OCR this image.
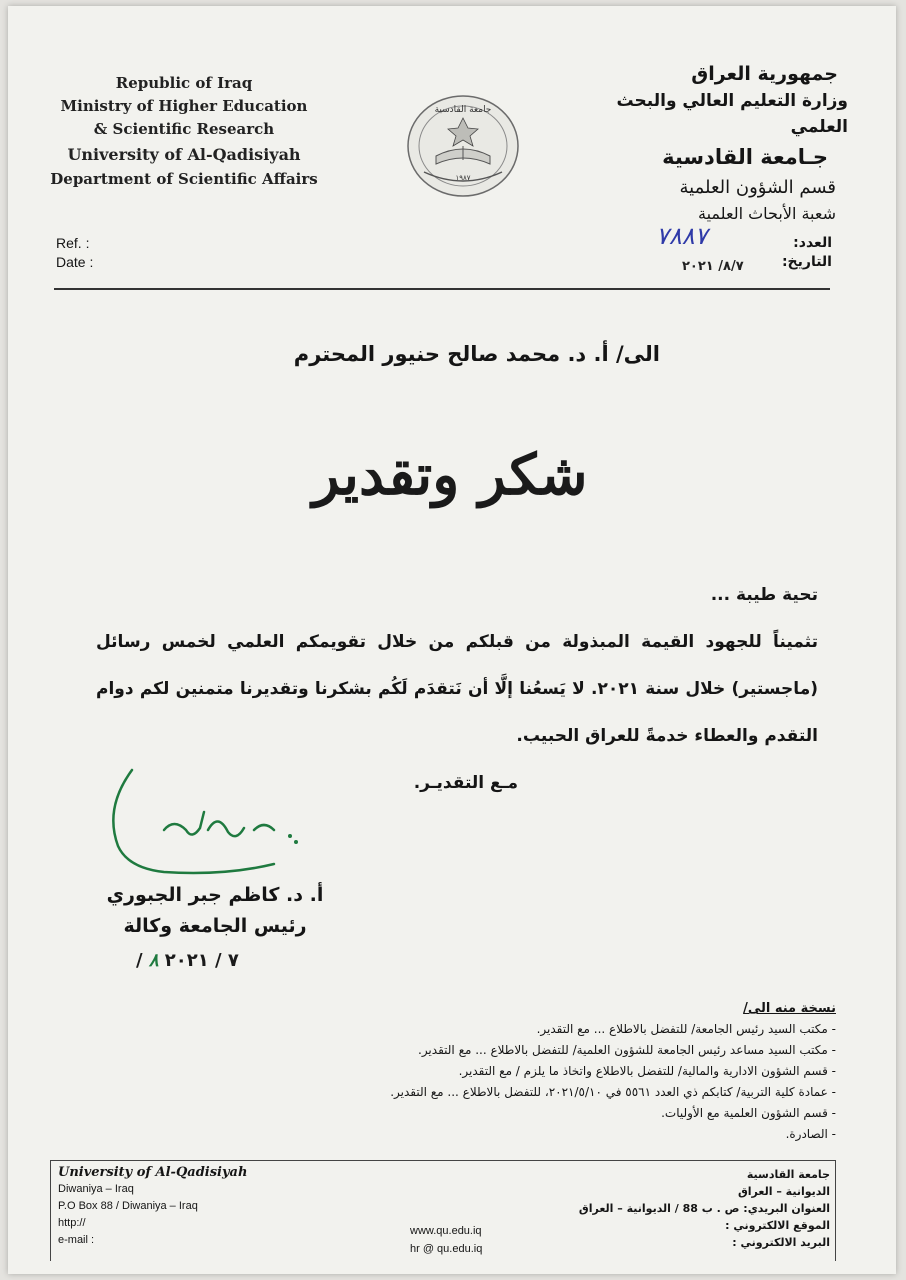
Republic of Iraq
Ministry of Higher Education
& Scientific Research
University of Al-Qadisiyah
Department of Scientific Affairs
جامعة القادسية
١٩٨٧
جمهورية العراق
وزارة التعليم العالي والبحث العلمي
جـامعة القادسية
قسم الشؤون العلمية
شعبة الأبحاث العلمية
Ref. :
Date :
العدد:
التاريخ:
٧٨٨٧
٨/٧/ ٢٠٢١
الى/ أ. د. محمد صالح حنيور المحترم
شكر وتقدير
تحية طيبة ...
تثميناً للجهود القيمة المبذولة من قبلكم من خلال تقويمكم العلمي لخمس رسائل (ماجستير) خلال سنة ٢٠٢١. لا يَسعُنا إلَّا أن نَتقدَم لَكُم بشكرنا وتقديرنا متمنين لكم دوام التقدم والعطاء خدمةً للعراق الحبيب.
مـع التقديـر.
أ. د. كاظم جبر الجبوري
رئيس الجامعة وكالة
/ ٧ / ٢٠٢١ ٨
نسخة منه الى/
- مكتب السيد رئيس الجامعة/ للتفضل بالاطلاع ... مع التقدير.
- مكتب السيد مساعد رئيس الجامعة للشؤون العلمية/ للتفضل بالاطلاع ... مع التقدير.
- قسم الشؤون الادارية والمالية/ للتفضل بالاطلاع واتخاذ ما يلزم / مع التقدير.
- عمادة كلية التربية/ كتابكم ذي العدد ٥٥٦١ في ٢٠٢١/٥/١٠، للتفضل بالاطلاع ... مع التقدير.
- قسم الشؤون العلمية مع الأوليات.
- الصادرة.
University of Al-Qadisiyah
Diwaniya – Iraq
P.O Box 88 / Diwaniya – Iraq
http://
e-mail :
www.qu.edu.iq
hr @ qu.edu.iq
جامعة القادسية
الديوانية – العراق
العنوان البريدي: ص . ب 88 / الديوانية – العراق
الموقع الالكتروني :
البريد الالكتروني :
